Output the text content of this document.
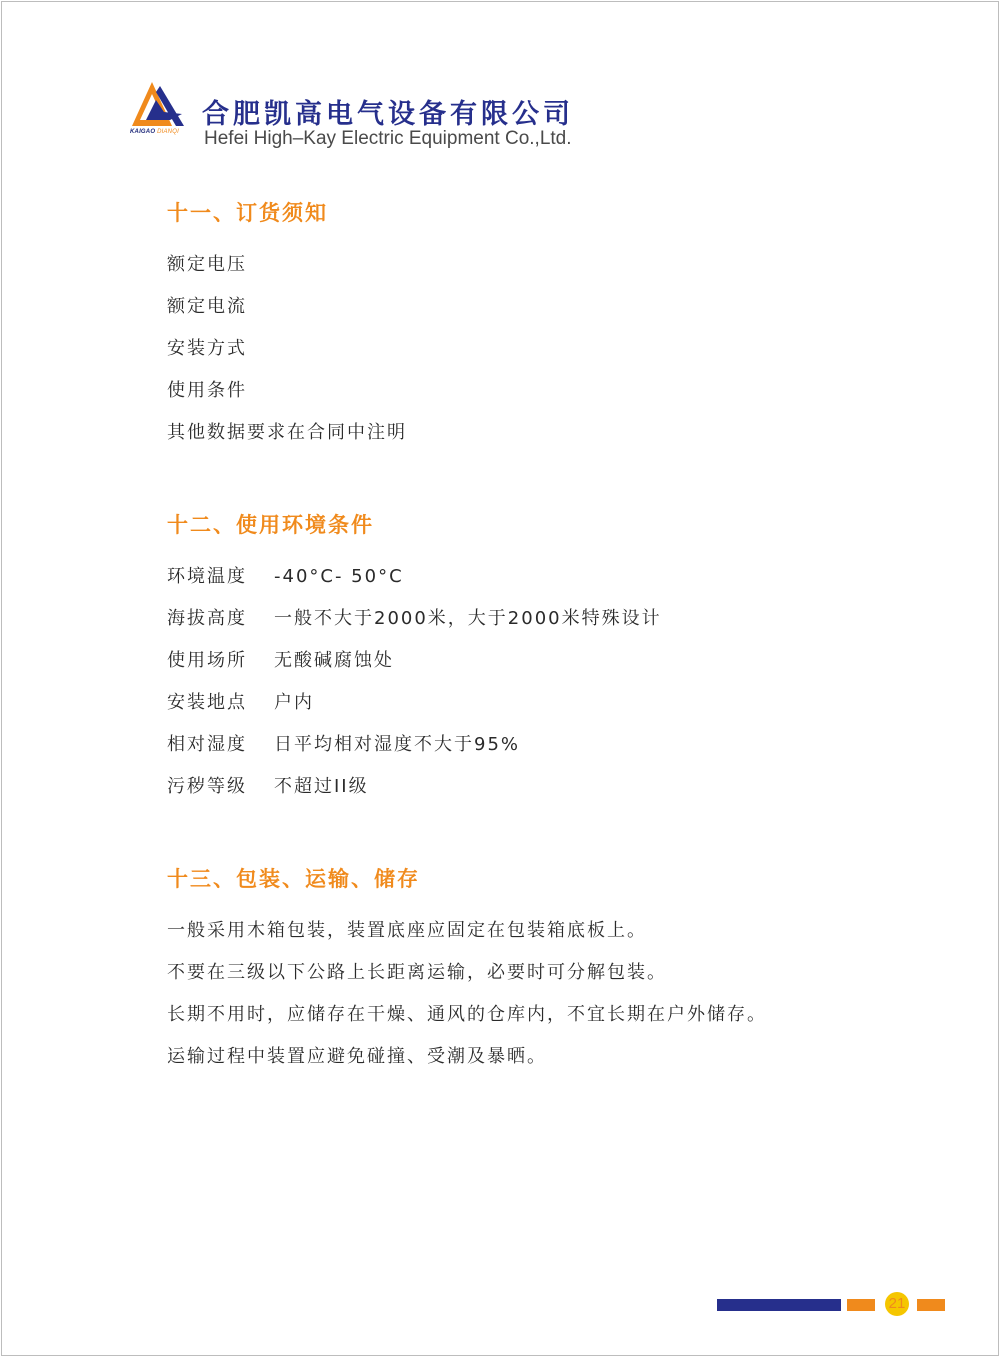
KAIGAO DIANQI
合肥凯高电气设备有限公司
Hefei High–Kay Electric Equipment Co.,Ltd.
十一、订货须知
额定电压
额定电流
安装方式
使用条件
其他数据要求在合同中注明
十二、使用环境条件
环境温度 -40°C- 50°C
海拔高度 一般不大于2000米，大于2000米特殊设计
使用场所 无酸碱腐蚀处
安装地点 户内
相对湿度 日平均相对湿度不大于95%
污秽等级 不超过II级
十三、包装、运输、储存
一般采用木箱包装，装置底座应固定在包装箱底板上。
不要在三级以下公路上长距离运输，必要时可分解包装。
长期不用时，应储存在干燥、通风的仓库内，不宜长期在户外储存。
运输过程中装置应避免碰撞、受潮及暴晒。
21
